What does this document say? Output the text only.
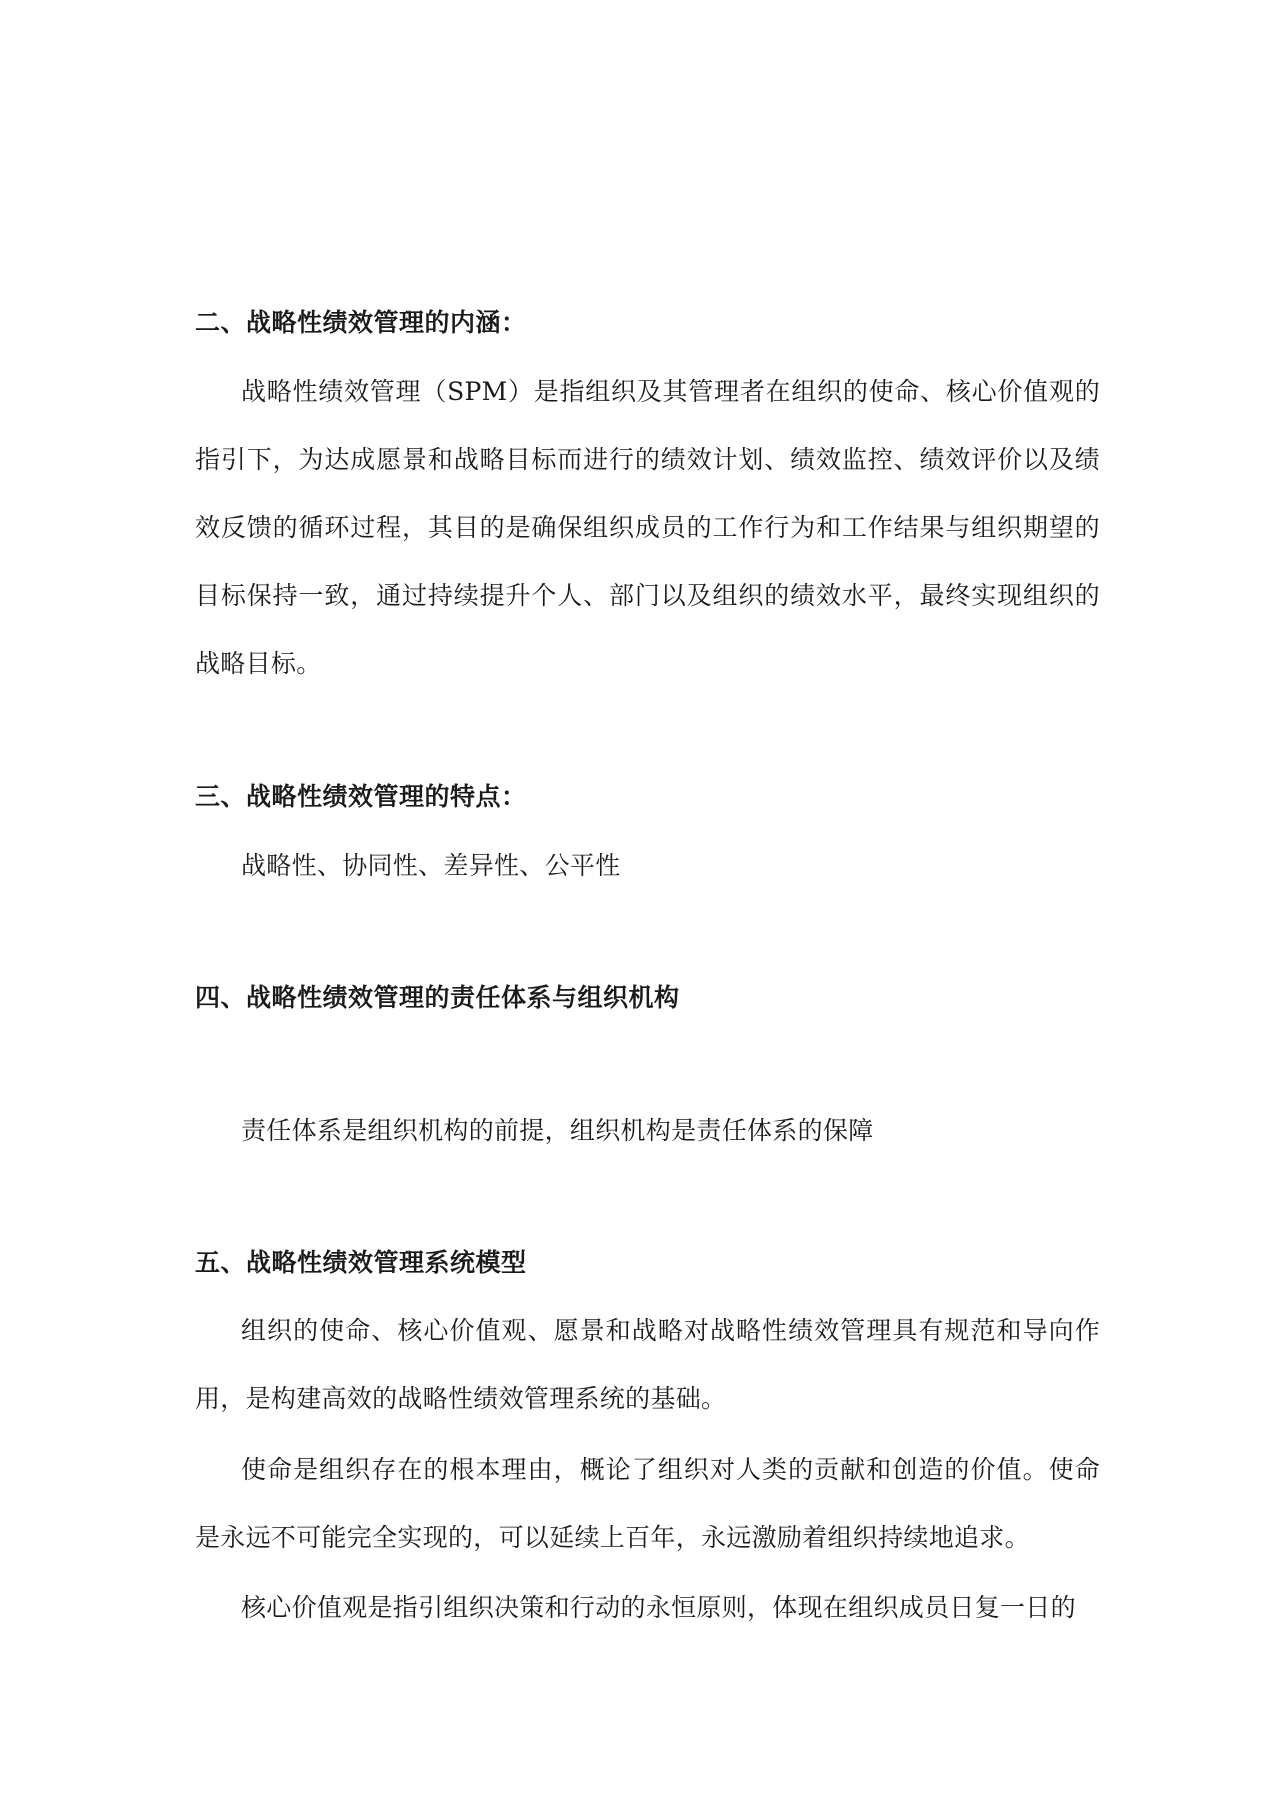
二、战略性绩效管理的内涵：

战略性绩效管理（SPM）是指组织及其管理者在组织的使命、核心价值观的指引下，为达成愿景和战略目标而进行的绩效计划、绩效监控、绩效评价以及绩效反馈的循环过程，其目的是确保组织成员的工作行为和工作结果与组织期望的目标保持一致，通过持续提升个人、部门以及组织的绩效水平，最终实现组织的战略目标。

三、战略性绩效管理的特点：

战略性、协同性、差异性、公平性

四、战略性绩效管理的责任体系与组织机构

责任体系是组织机构的前提，组织机构是责任体系的保障

五、战略性绩效管理系统模型

组织的使命、核心价值观、愿景和战略对战略性绩效管理具有规范和导向作用，是构建高效的战略性绩效管理系统的基础。

使命是组织存在的根本理由，概论了组织对人类的贡献和创造的价值。使命是永远不可能完全实现的，可以延续上百年，永远激励着组织持续地追求。

核心价值观是指引组织决策和行动的永恒原则，体现在组织成员日复一日的
